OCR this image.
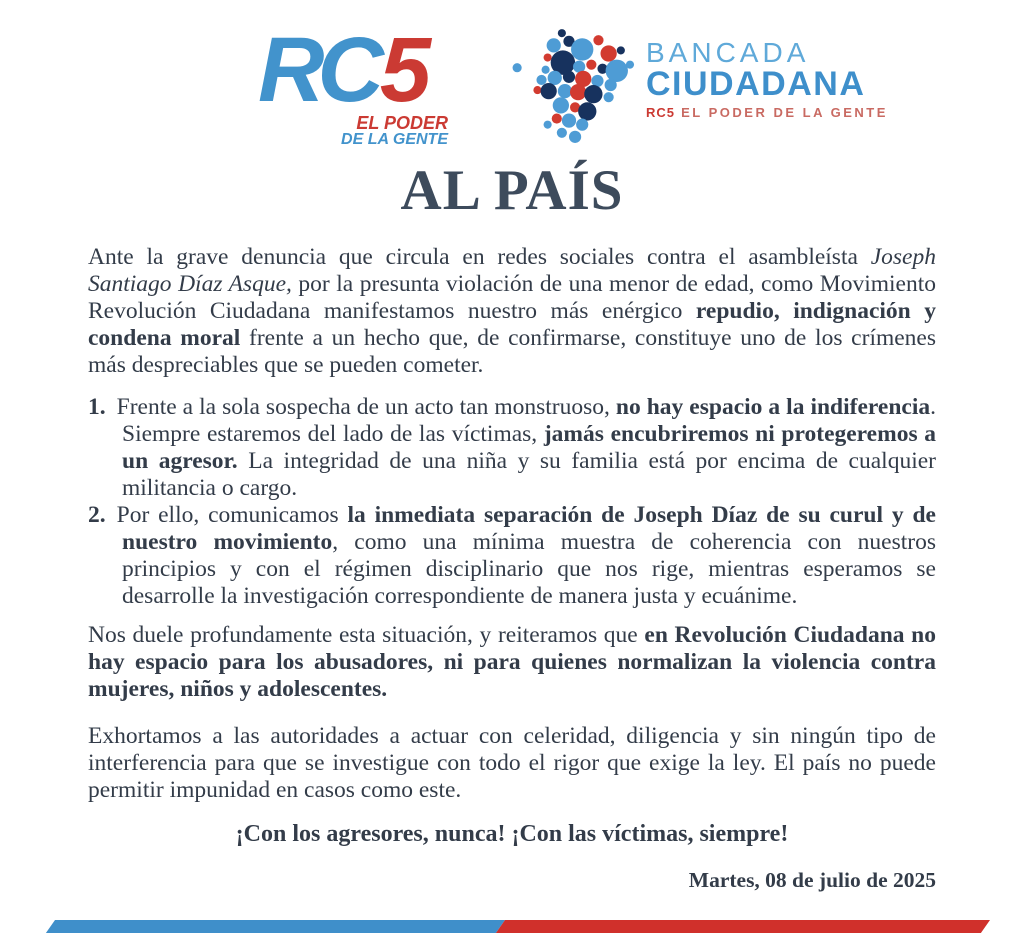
RC5
EL PODER
DE LA GENTE
BANCADA
CIUDADANA
RC5 EL PODER DE LA GENTE
AL PAÍS

Ante la grave denuncia que circula en redes sociales contra el asambleísta Joseph Santiago Díaz Asque, por la presunta violación de una menor de edad, como Movimiento Revolución Ciudadana manifestamos nuestro más enérgico repudio, indignación y condena moral frente a un hecho que, de confirmarse, constituye uno de los crímenes más despreciables que se pueden cometer.

1. Frente a la sola sospecha de un acto tan monstruoso, no hay espacio a la indiferencia. Siempre estaremos del lado de las víctimas, jamás encubriremos ni protegeremos a un agresor. La integridad de una niña y su familia está por encima de cualquier militancia o cargo.
2. Por ello, comunicamos la inmediata separación de Joseph Díaz de su curul y de nuestro movimiento, como una mínima muestra de coherencia con nuestros principios y con el régimen disciplinario que nos rige, mientras esperamos se desarrolle la investigación correspondiente de manera justa y ecuánime.

Nos duele profundamente esta situación, y reiteramos que en Revolución Ciudadana no hay espacio para los abusadores, ni para quienes normalizan la violencia contra mujeres, niños y adolescentes.

Exhortamos a las autoridades a actuar con celeridad, diligencia y sin ningún tipo de interferencia para que se investigue con todo el rigor que exige la ley. El país no puede permitir impunidad en casos como este.

¡Con los agresores, nunca! ¡Con las víctimas, siempre!
Martes, 08 de julio de 2025
